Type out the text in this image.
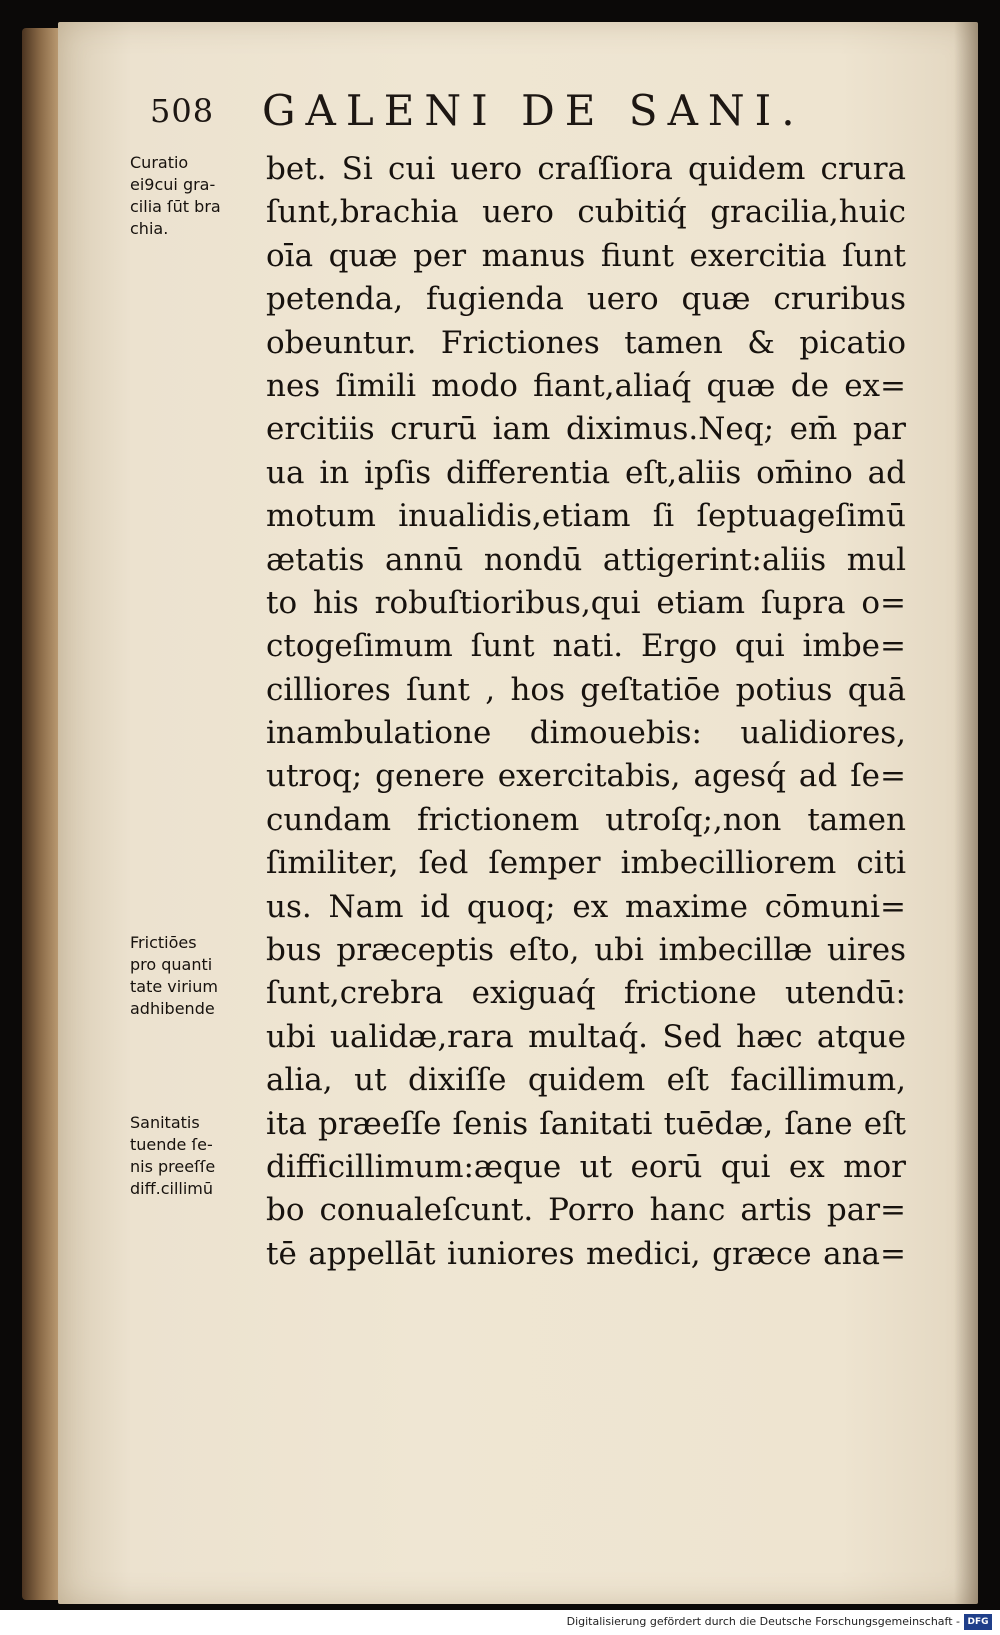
508 GALENI DE SANI.
bet. Si cui uero craſſiora quidem crura
ſunt,brachia uero cubitiq́ gracilia,huic
oīa quæ per manus fiunt exercitia ſunt
petenda, fugienda uero quæ cruribus
obeuntur. Frictiones tamen & picatio
nes ſimili modo fiant,aliaq́ quæ de ex=
ercitiis crurū iam diximus.Neq; em̄ par
ua in ipſis differentia eſt,aliis om̄ino ad
motum inualidis,etiam ſi ſeptuageſimū
ætatis annū nondū attigerint:aliis mul
to his robuſtioribus,qui etiam ſupra o=
ctogeſimum ſunt nati. Ergo qui imbe=
cilliores ſunt , hos geſtatiōe potius quā
inambulatione dimouebis: ualidiores,
utroq; genere exercitabis, agesq́ ad ſe=
cundam frictionem utroſq;,non tamen
ſimiliter, ſed ſemper imbecilliorem citi
us. Nam id quoq; ex maxime cōmuni=
bus præceptis eſto, ubi imbecillæ uires
ſunt,crebra exiguaq́ frictione utendū:
ubi ualidæ,rara multaq́. Sed hæc atque
alia, ut dixiſſe quidem eſt facillimum,
ita præeſſe ſenis ſanitati tuēdæ, ſane eſt
difficillimum:æque ut eorū qui ex mor
bo conualeſcunt. Porro hanc artis par=
tē appellāt iuniores medici, græce ana=
Curatio
ei9cui gra-
cilia ſūt bra
chia.
Frictiōes
pro quanti
tate virium
adhibende
Sanitatis
tuende ſe-
nis preeſſe
diff.cillimū
Digitalisierung gefördert durch die Deutsche Forschungsgemeinschaft - DFG
